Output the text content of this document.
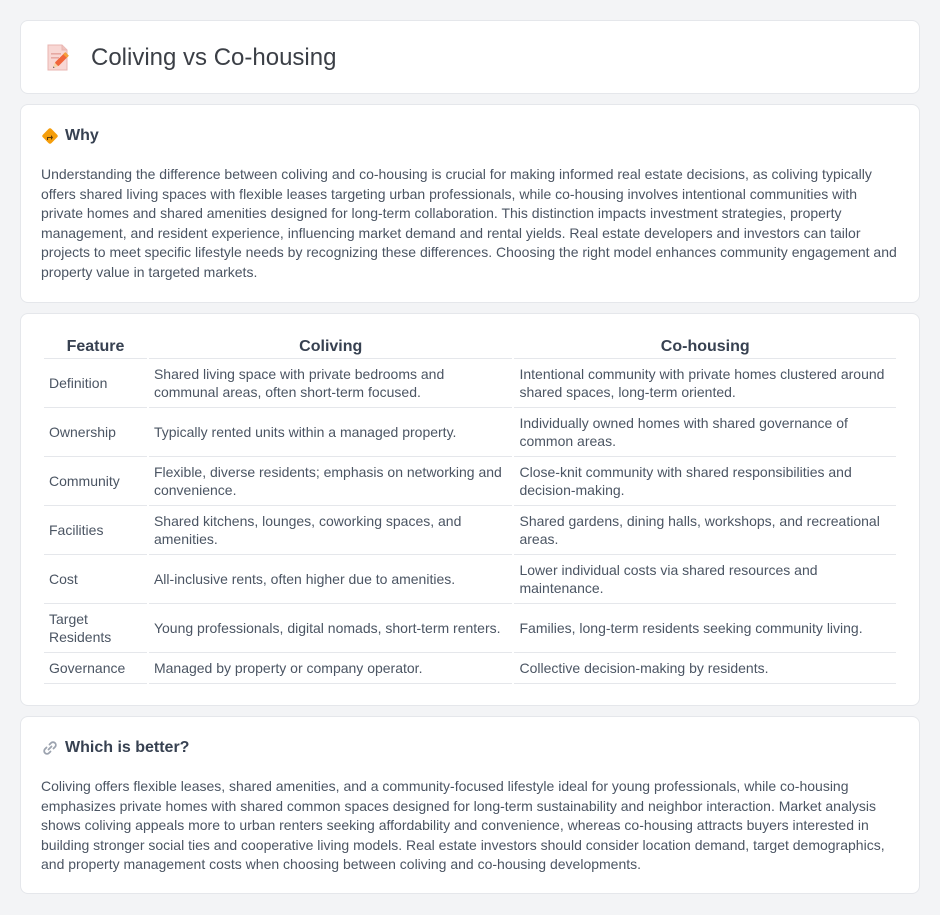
Coliving vs Co-housing
Why

Understanding the difference between coliving and co-housing is crucial for making informed real estate decisions, as coliving typically offers shared living spaces with flexible leases targeting urban professionals, while co-housing involves intentional communities with private homes and shared amenities designed for long-term collaboration. This distinction impacts investment strategies, property management, and resident experience, influencing market demand and rental yields. Real estate developers and investors can tailor projects to meet specific lifestyle needs by recognizing these differences. Choosing the right model enhances community engagement and property value in targeted markets.

Feature	Coliving	Co-housing
Definition	Shared living space with private bedrooms and communal areas, often short-term focused.	Intentional community with private homes clustered around shared spaces, long-term oriented.
Ownership	Typically rented units within a managed property.	Individually owned homes with shared governance of common areas.
Community	Flexible, diverse residents; emphasis on networking and convenience.	Close-knit community with shared responsibilities and decision-making.
Facilities	Shared kitchens, lounges, coworking spaces, and amenities.	Shared gardens, dining halls, workshops, and recreational areas.
Cost	All-inclusive rents, often higher due to amenities.	Lower individual costs via shared resources and maintenance.
Target Residents	Young professionals, digital nomads, short-term renters.	Families, long-term residents seeking community living.
Governance	Managed by property or company operator.	Collective decision-making by residents.
Which is better?

Coliving offers flexible leases, shared amenities, and a community-focused lifestyle ideal for young professionals, while co-housing emphasizes private homes with shared common spaces designed for long-term sustainability and neighbor interaction. Market analysis shows coliving appeals more to urban renters seeking affordability and convenience, whereas co-housing attracts buyers interested in building stronger social ties and cooperative living models. Real estate investors should consider location demand, target demographics, and property management costs when choosing between coliving and co-housing developments.
